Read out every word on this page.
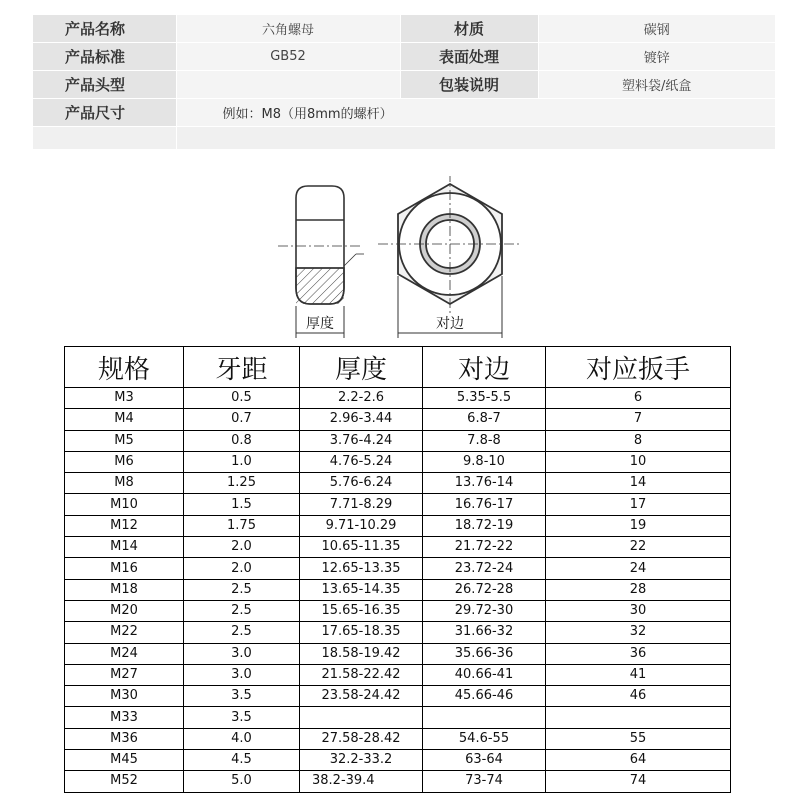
产品名称	六角螺母	材质	碳钢
产品标准	GB52	表面处理	镀锌
产品头型		包装说明	塑料袋/纸盒
产品尺寸	例如：M8（用8mm的螺杆）		

厚度	对边
规格	牙距	厚度	对边	对应扳手
M3	0.5	2.2-2.6	5.35-5.5	6
M4	0.7	2.96-3.44	6.8-7	7
M5	0.8	3.76-4.24	7.8-8	8
M6	1.0	4.76-5.24	9.8-10	10
M8	1.25	5.76-6.24	13.76-14	14
M10	1.5	7.71-8.29	16.76-17	17
M12	1.75	9.71-10.29	18.72-19	19
M14	2.0	10.65-11.35	21.72-22	22
M16	2.0	12.65-13.35	23.72-24	24
M18	2.5	13.65-14.35	26.72-28	28
M20	2.5	15.65-16.35	29.72-30	30
M22	2.5	17.65-18.35	31.66-32	32
M24	3.0	18.58-19.42	35.66-36	36
M27	3.0	21.58-22.42	40.66-41	41
M30	3.5	23.58-24.42	45.66-46	46
M33	3.5			
M36	4.0	27.58-28.42	54.6-55	55
M45	4.5	32.2-33.2	63-64	64
M52	5.0	38.2-39.4	73-74	74
